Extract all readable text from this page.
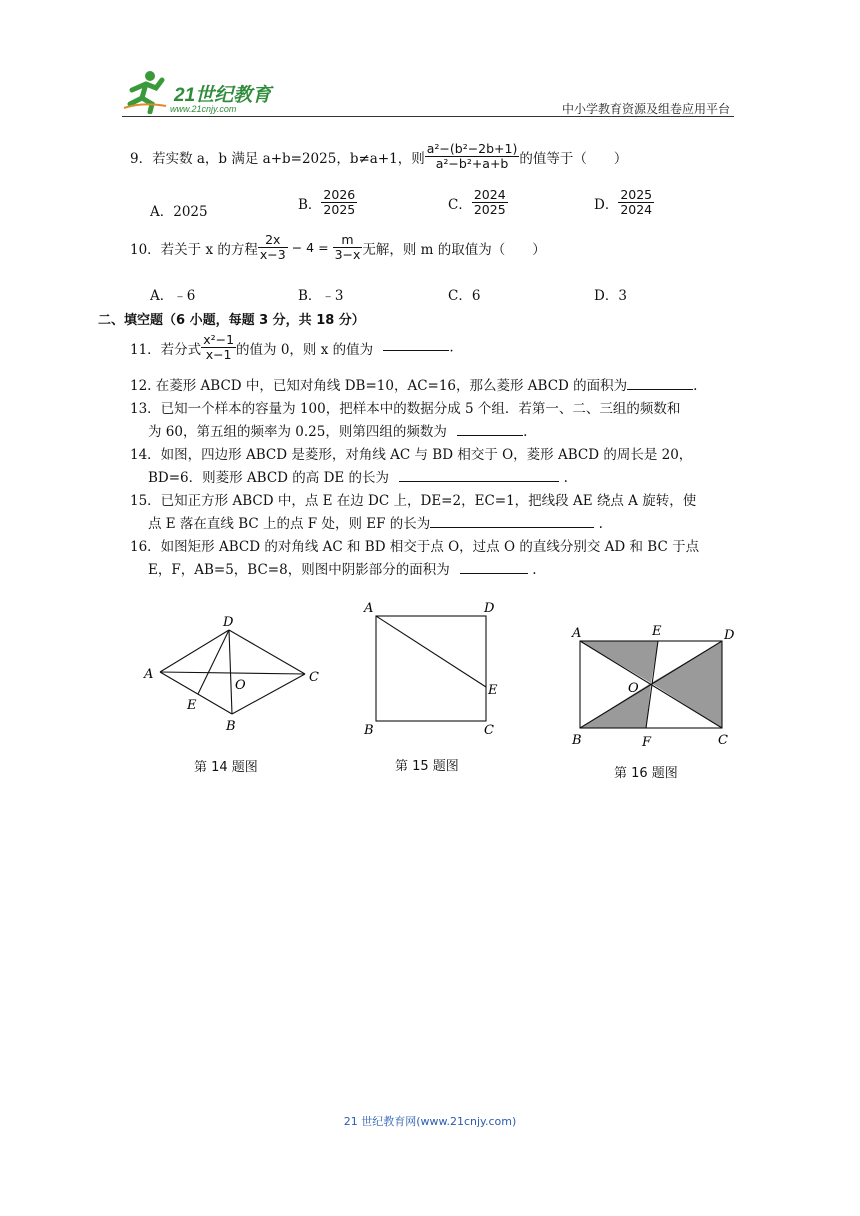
21世纪教育
www.21cnjy.com	中小学教育资源及组卷应用平台
9．若实数 a，b 满足 a+b=2025，b≠a+1，则 $\frac{\text{a²−(b²−2b+1)}}{\text{a²−b²+a+b}}$ 的值等于（　　）
A．2025	B． $\frac{2026}{2025}$	C． $\frac{2024}{2025}$	D． $\frac{2025}{2024}$
10．若关于 x 的方程 $\frac{2x}{x-3} - 4 = \frac{m}{3-x}$ 无解，则 m 的取值为（　　）
A．﹣6	B．﹣3	C．6	D．3
二、填空题（6 小题，每题 3 分，共 18 分）
11．若分式 $\frac{\text{x²−1}}{x-1}$ 的值为 0，则 x 的值为	.
12. 在菱形 ABCD 中，已知对角线 DB=10，AC=16，那么菱形 ABCD 的面积为	.
13．已知一个样本的容量为 100，把样本中的数据分成 5 个组．若第一、二、三组的频数和
为 60，第五组的频率为 0.25，则第四组的频数为	.
14．如图，四边形 ABCD 是菱形，对角线 AC 与 BD 相交于 O，菱形 ABCD 的周长是 20，
BD=6．则菱形 ABCD 的高 DE 的长为	.
15．已知正方形 ABCD 中，点 E 在边 DC 上，DE=2，EC=1，把线段 AE 绕点 A 旋转，使
点 E 落在直线 BC 上的点 F 处，则 EF 的长为	.
16．如图矩形 ABCD 的对角线 AC 和 BD 相交于点 O，过点 O 的直线分别交 AD 和 BC 于点
E，F，AB=5，BC=8，则图中阴影部分的面积为	.
A
D
C
B
E
O
第 14 题图
A	D
E
B	C
第 15 题图
A	E	D
O
B	F	C
第 16 题图
21 世纪教育网(www.21cnjy.com)
